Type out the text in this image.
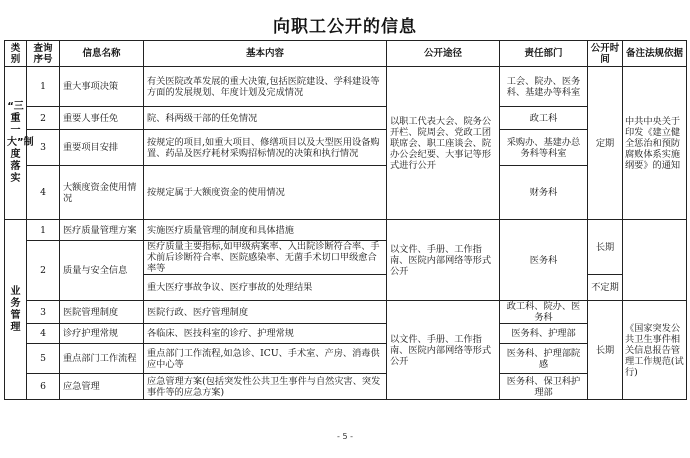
向职工公开的信息
类别	查询序号	信息名称	基本内容	公开途径	责任部门	公开时间	备注法规依据
“三重一大”制度落实	1	重大事项决策	有关医院改革发展的重大决策,包括医院建设、学科建设等方面的发展规划、年度计划及完成情况	以职工代表大会、院务公开栏、院周会、党政工团联席会、职工座谈会、院办公会纪要、大事记等形式进行公开	工会、院办、医务科、基建办等科室	定期	中共中央关于印发《建立健全惩治和预防腐败体系实施纲要》的通知
	2	重要人事任免	院、科两级干部的任免情况		政工科		
	3	重要项目安排	按规定的项目,如重大项目、修缮项目以及大型医用设备购置、药品及医疗耗材采购招标情况的决策和执行情况		采购办、基建办总务科等科室		
	4	大额度资金使用情况	按规定属于大额度资金的使用情况		财务科		
业务管理	1	医疗质量管理方案	实施医疗质量管理的制度和具体措施	以文件、手册、工作指南、医院内部网络等形式公开	医务科	长期	
	2	质量与安全信息	医疗质量主要指标,如甲级病案率、入出院诊断符合率、手术前后诊断符合率、医院感染率、无菌手术切口甲级愈合率等				
			重大医疗事故争议、医疗事故的处理结果			不定期	
	3	医院管理制度	医院行政、医疗管理制度	以文件、手册、工作指南、医院内部网络等形式公开	政工科、院办、医务科	长期	《国家突发公共卫生事件相关信息报告管理工作规范(试行)
	4	诊疗护理常规	各临床、医技科室的诊疗、护理常规		医务科、护理部		
	5	重点部门工作流程	重点部门工作流程,如急诊、ICU、手术室、产房、消毒供应中心等		医务科、护理部院感		
	6	应急管理	应急管理方案(包括突发性公共卫生事件与自然灾害、突发事件等的应急方案)		医务科、保卫科护理部		
- 5 -
